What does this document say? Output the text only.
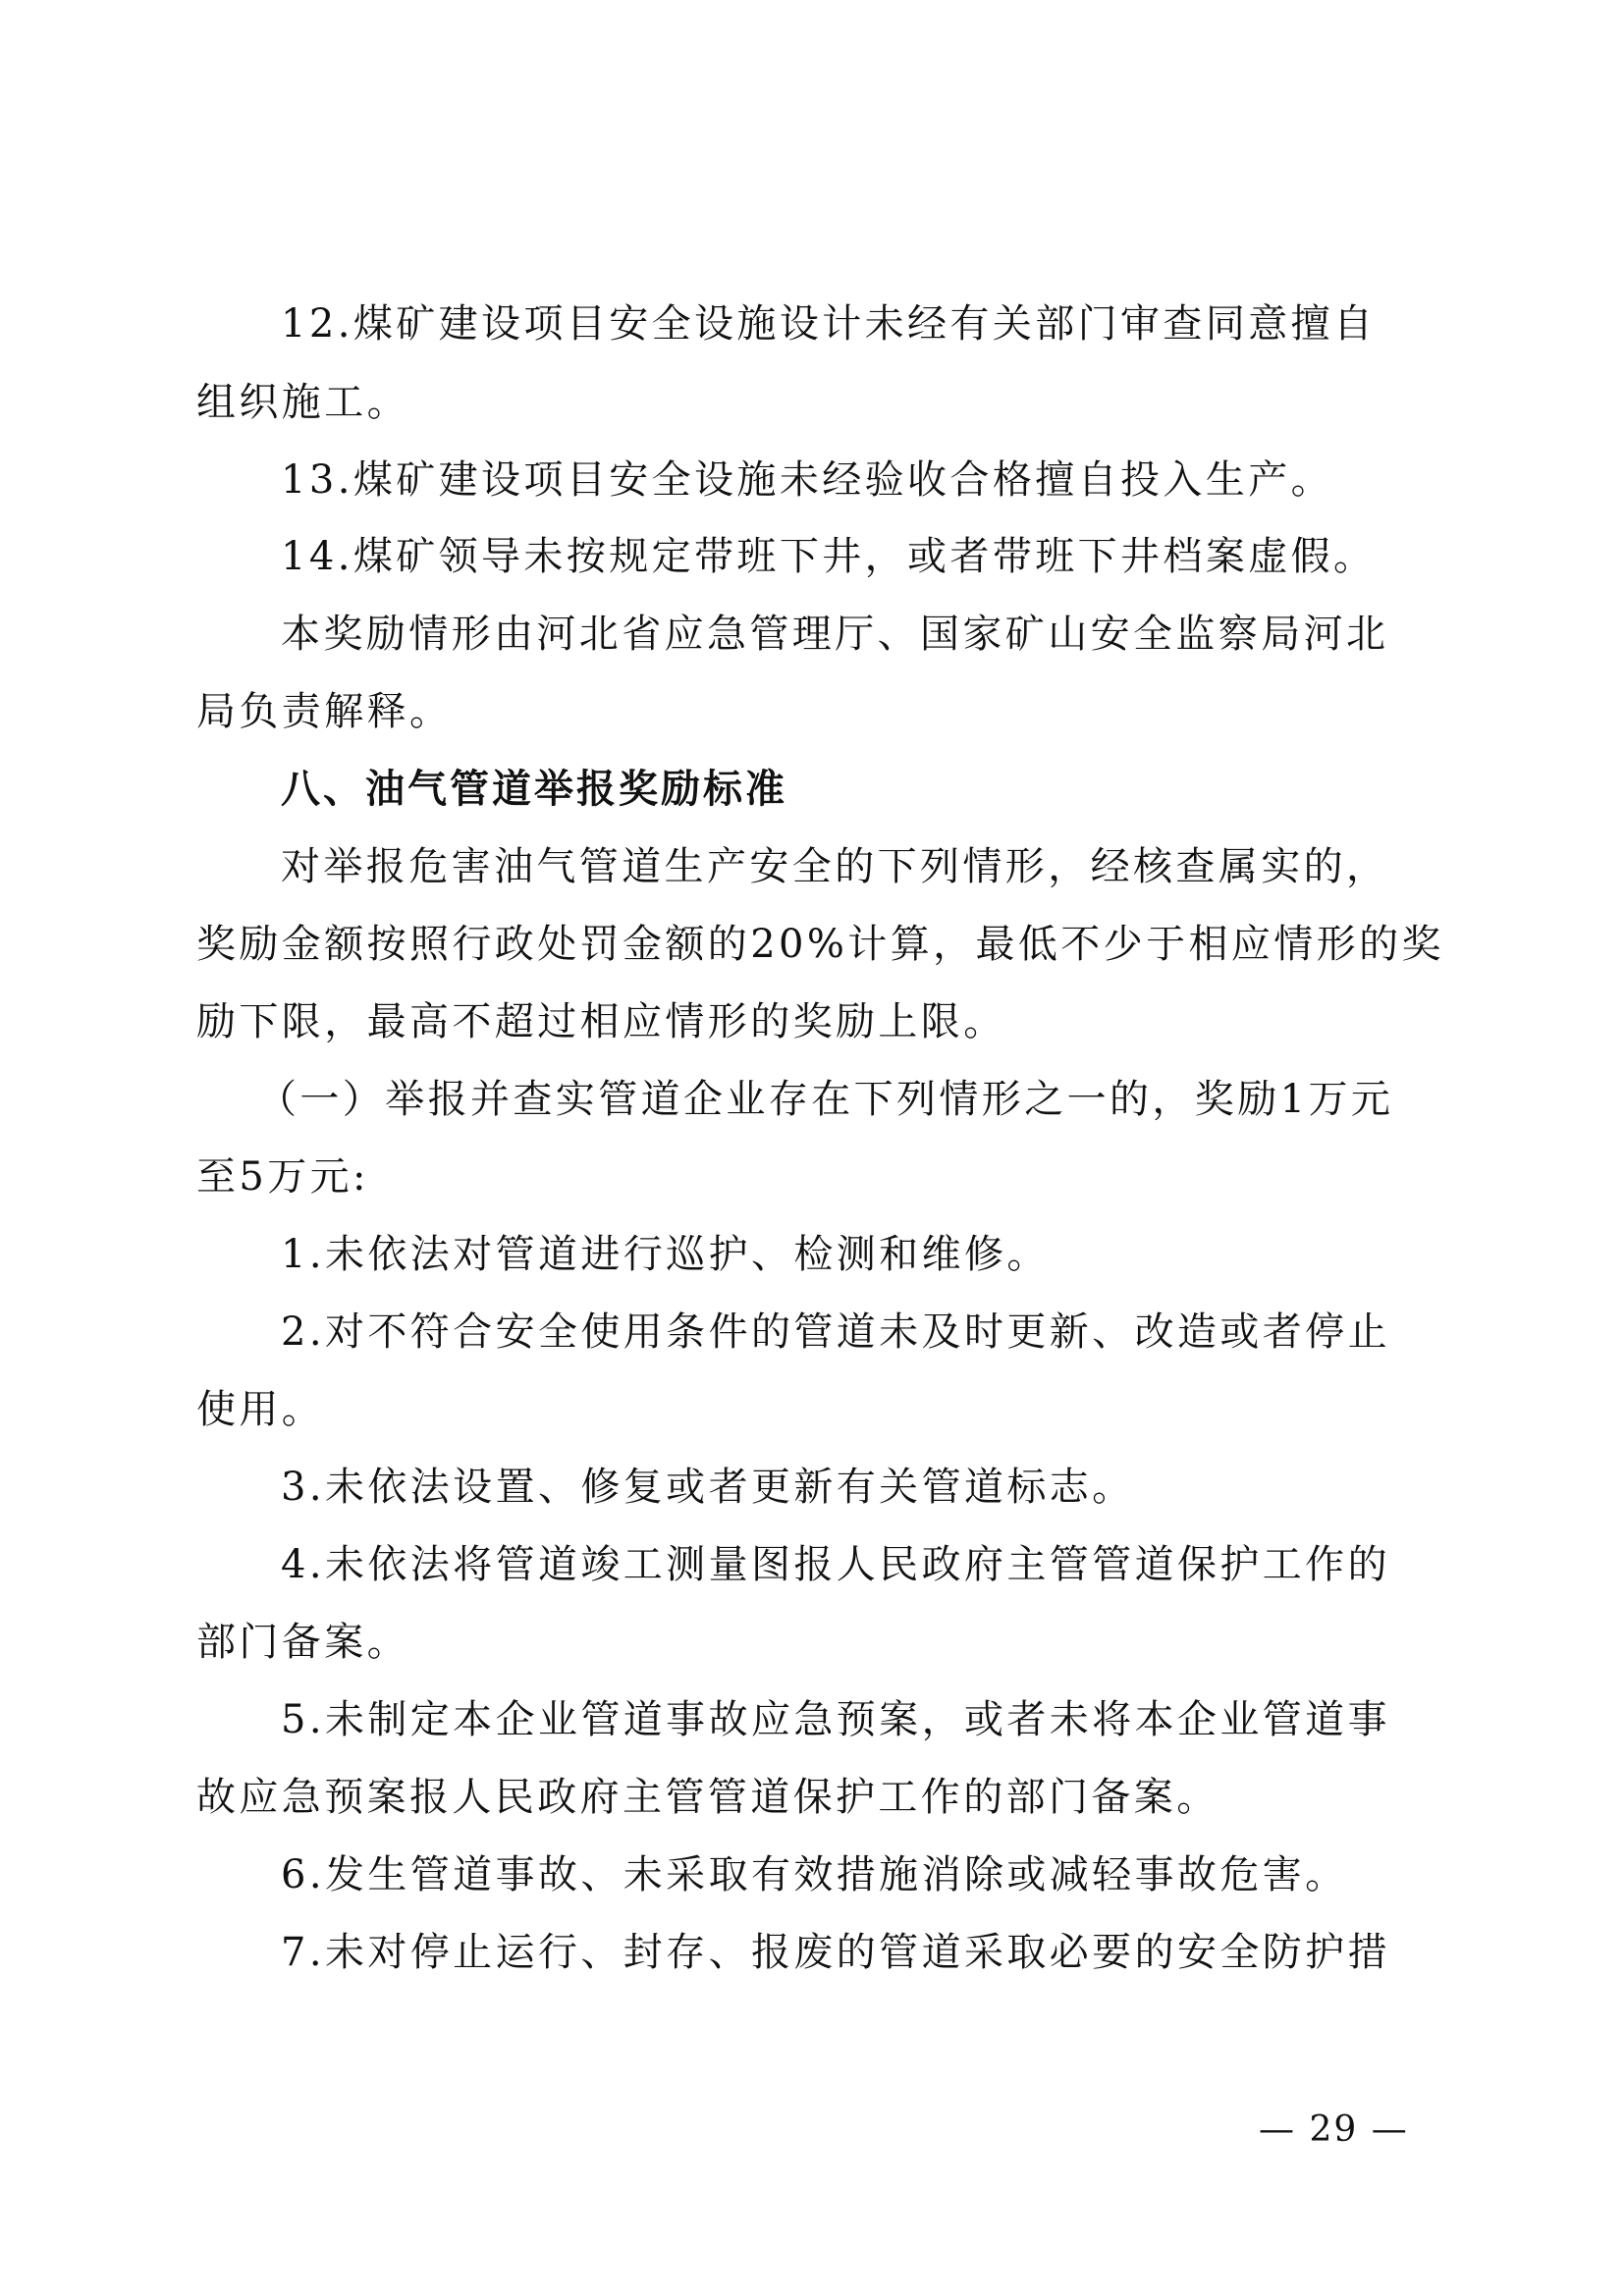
12.煤矿建设项目安全设施设计未经有关部门审查同意擅自
组织施工。
13.煤矿建设项目安全设施未经验收合格擅自投入生产。
14.煤矿领导未按规定带班下井，或者带班下井档案虚假。
本奖励情形由河北省应急管理厅、国家矿山安全监察局河北
局负责解释。
八、油气管道举报奖励标准
对举报危害油气管道生产安全的下列情形，经核查属实的，
奖励金额按照行政处罚金额的20%计算，最低不少于相应情形的奖
励下限，最高不超过相应情形的奖励上限。
（一）举报并查实管道企业存在下列情形之一的，奖励1万元
至5万元:
1.未依法对管道进行巡护、检测和维修。
2.对不符合安全使用条件的管道未及时更新、改造或者停止
使用。
3.未依法设置、修复或者更新有关管道标志。
4.未依法将管道竣工测量图报人民政府主管管道保护工作的
部门备案。
5.未制定本企业管道事故应急预案，或者未将本企业管道事
故应急预案报人民政府主管管道保护工作的部门备案。
6.发生管道事故、未采取有效措施消除或减轻事故危害。
7.未对停止运行、封存、报废的管道采取必要的安全防护措
— 29 —
